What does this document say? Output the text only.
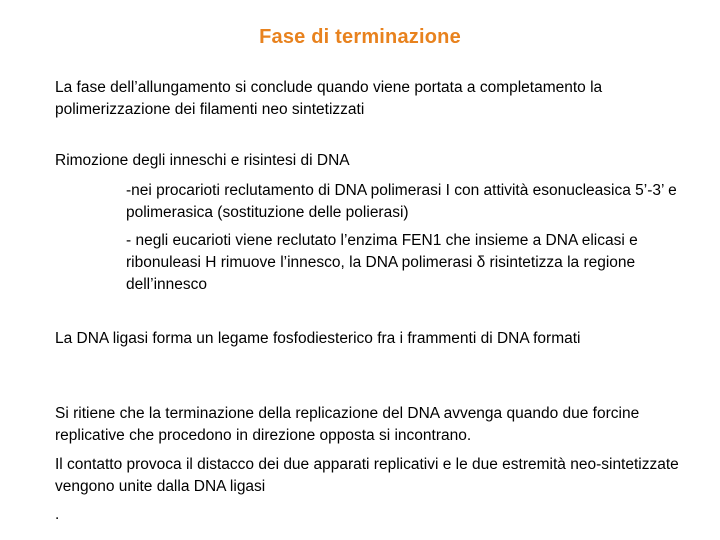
Fase di terminazione

La fase dell’allungamento si conclude quando viene portata a completamento la polimerizzazione dei filamenti neo sintetizzati

Rimozione degli inneschi e risintesi di DNA

-nei procarioti reclutamento di DNA polimerasi I con attività esonucleasica 5’-3’ e polimerasica (sostituzione delle polierasi)

- negli eucarioti viene reclutato l’enzima FEN1 che insieme a DNA elicasi e ribonuleasi H rimuove l’innesco, la DNA polimerasi δ risintetizza la regione dell’innesco

La DNA ligasi forma un legame fosfodiesterico fra i frammenti di DNA formati

Si ritiene che la terminazione della replicazione del DNA avvenga quando due forcine replicative che procedono in direzione opposta si incontrano.

Il contatto provoca il distacco dei due apparati replicativi e le due estremità neo-sintetizzate vengono unite dalla DNA ligasi

.
